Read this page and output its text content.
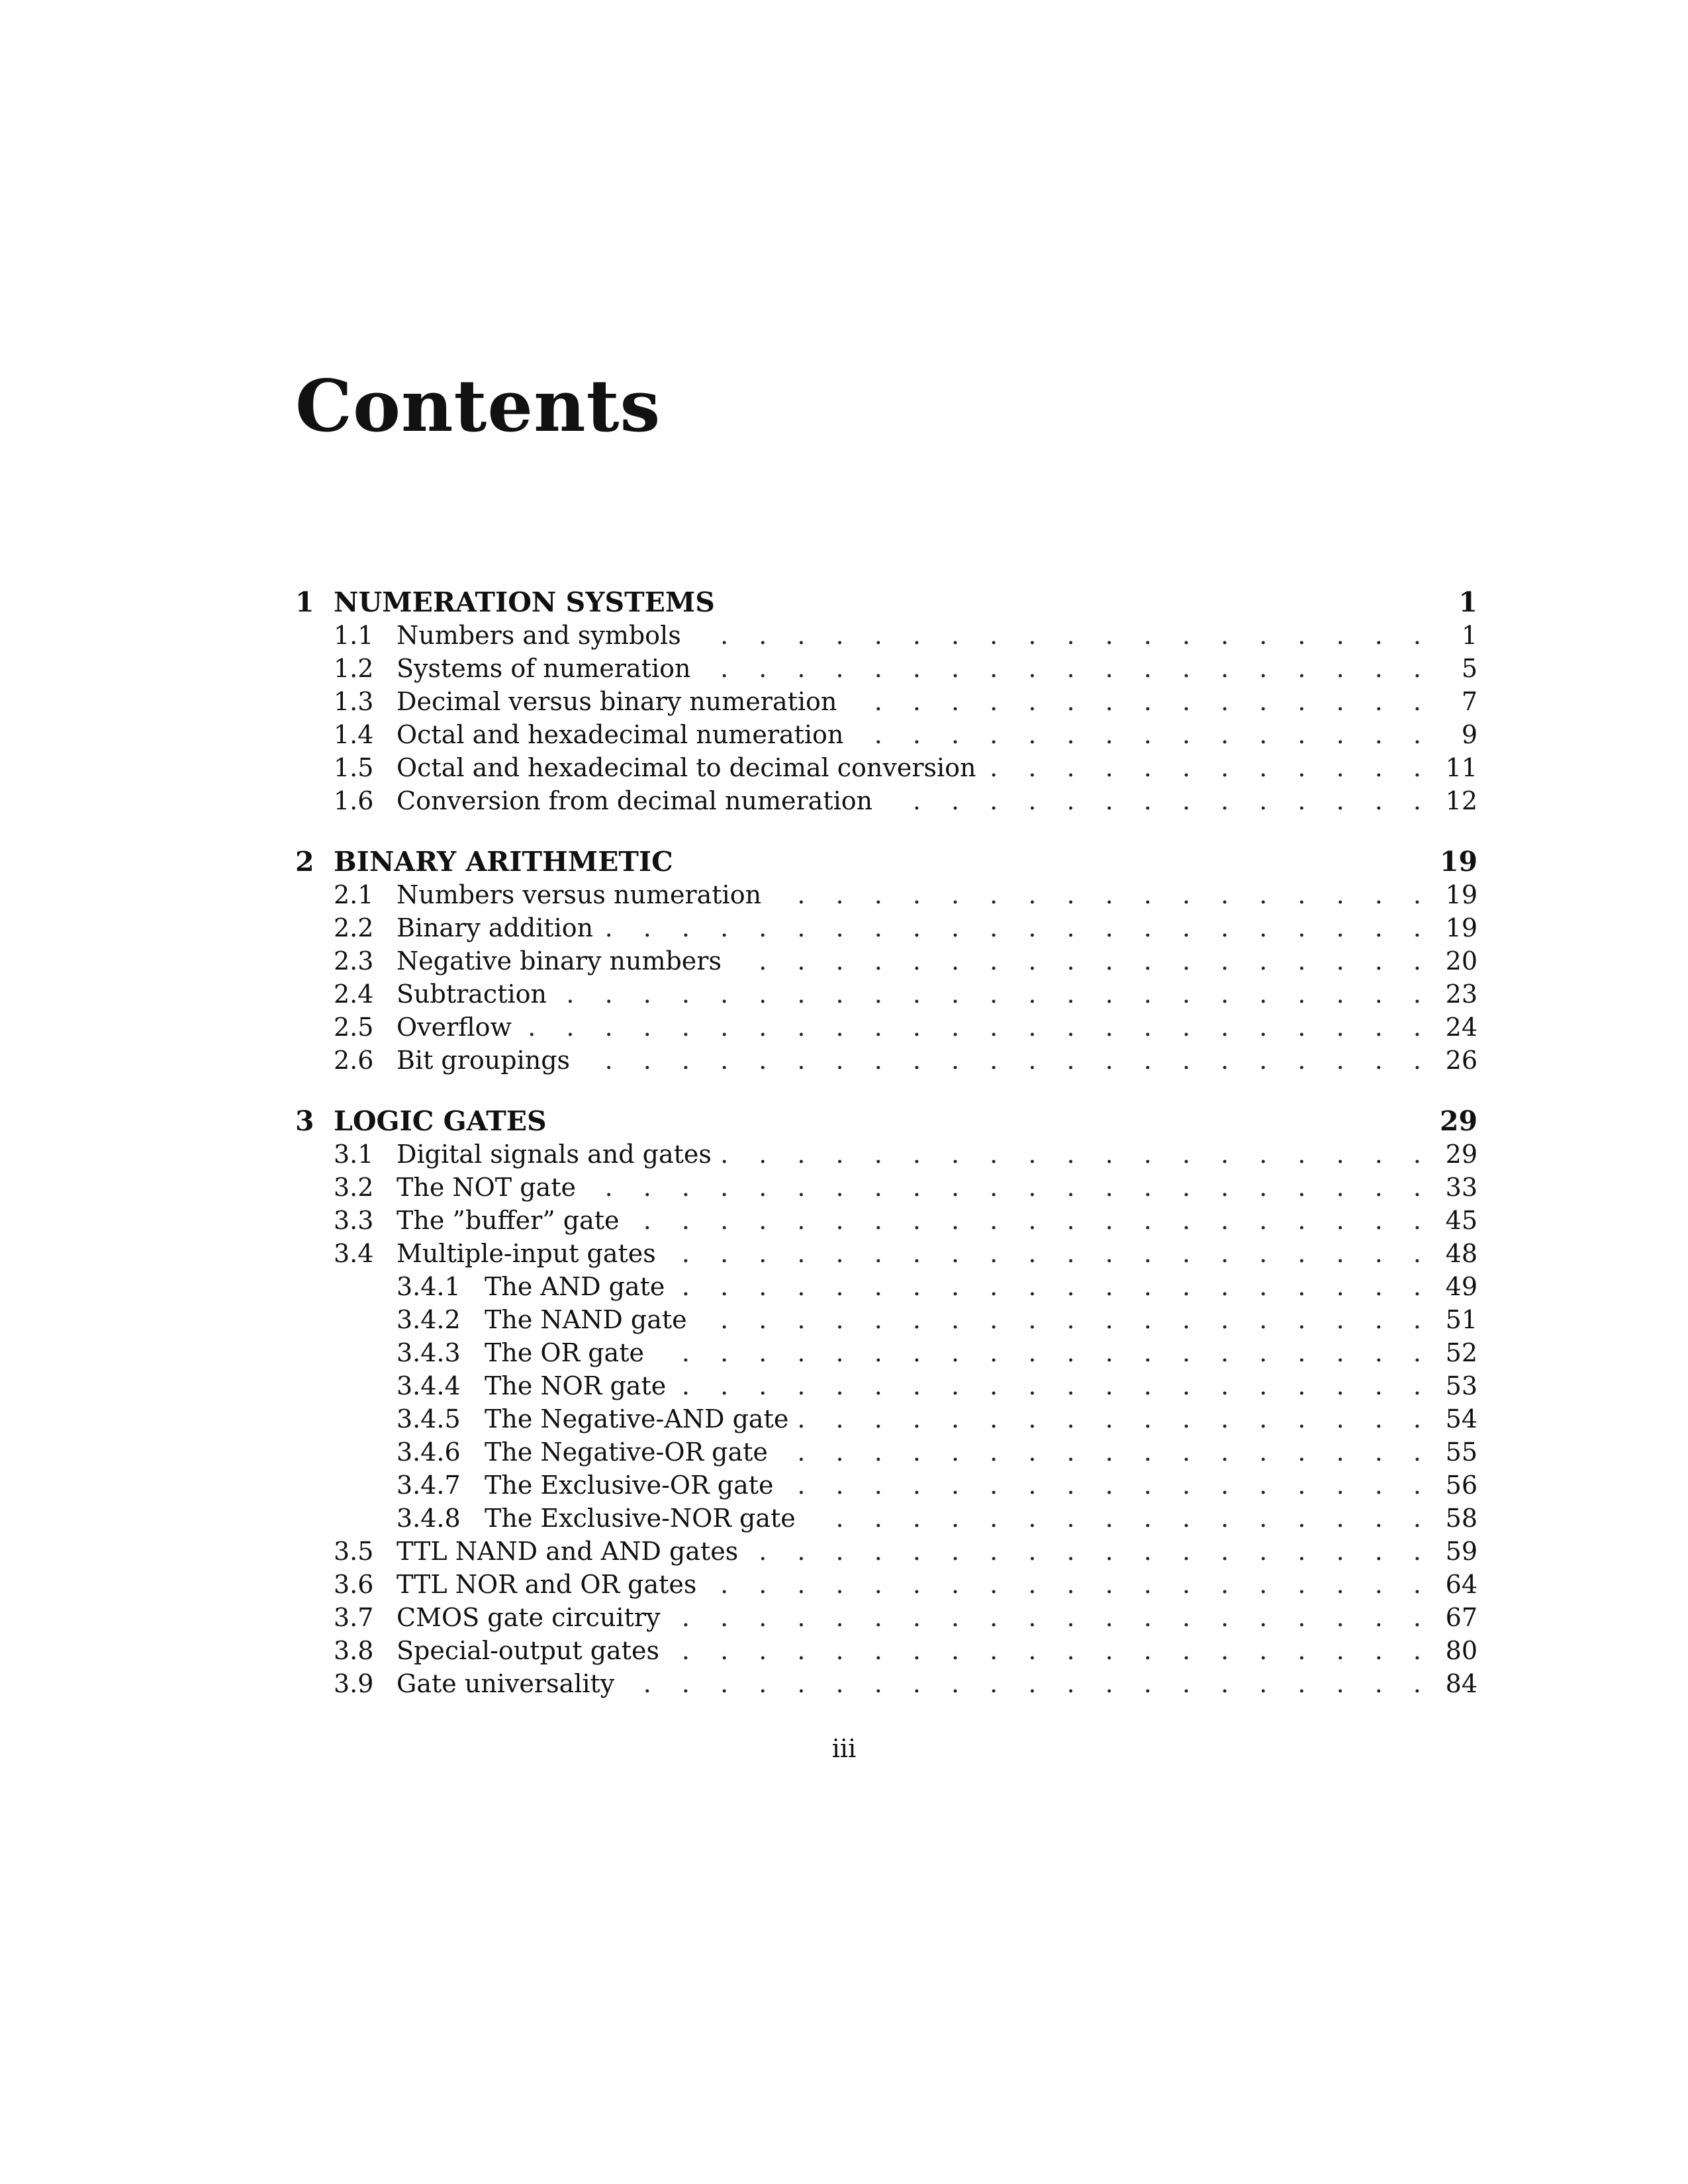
Contents
1 NUMERATION SYSTEMS	1
1.1 Numbers and symbols . . .	1
1.2 Systems of numeration . . .	5
1.3 Decimal versus binary numeration . . .	7
1.4 Octal and hexadecimal numeration . . .	9
1.5 Octal and hexadecimal to decimal conversion . . .	11
1.6 Conversion from decimal numeration . . .	12
2 BINARY ARITHMETIC	19
2.1 Numbers versus numeration . . .	19
2.2 Binary addition . . .	19
2.3 Negative binary numbers . . .	20
2.4 Subtraction . . .	23
2.5 Overflow . . .	24
2.6 Bit groupings . . .	26
3 LOGIC GATES	29
3.1 Digital signals and gates . . .	29
3.2 The NOT gate . . .	33
3.3 The ”buffer” gate . . .	45
3.4 Multiple-input gates . . .	48
3.4.1 The AND gate . . .	49
3.4.2 The NAND gate . . .	51
3.4.3 The OR gate . . .	52
3.4.4 The NOR gate . . .	53
3.4.5 The Negative-AND gate . . .	54
3.4.6 The Negative-OR gate . . .	55
3.4.7 The Exclusive-OR gate . . .	56
3.4.8 The Exclusive-NOR gate . . .	58
3.5 TTL NAND and AND gates . . .	59
3.6 TTL NOR and OR gates . . .	64
3.7 CMOS gate circuitry . . .	67
3.8 Special-output gates . . .	80
3.9 Gate universality . . .	84
iii
